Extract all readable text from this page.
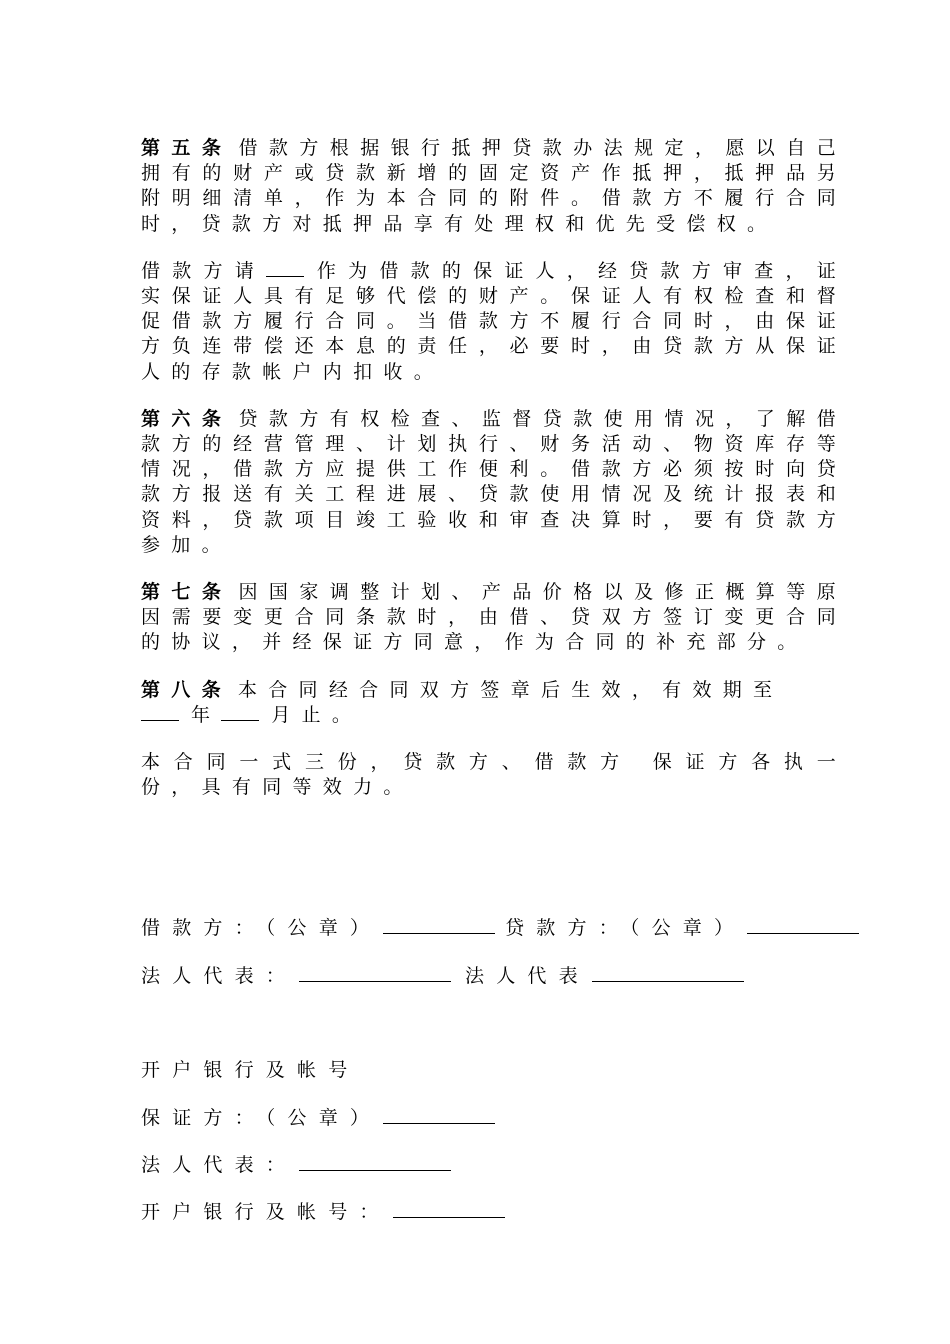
第五条 借款方根据银行抵押贷款办法规定，愿以自己拥有的财产或贷款新增的固定资产作抵押，抵押品另附明细清单，作为本合同的附件。借款方不履行合同时，贷款方对抵押品享有处理权和优先受偿权。

借款方请	作为借款的保证人，经贷款方审查，证实保证人具有足够代偿的财产。保证人有权检查和督促借款方履行合同。当借款方不履行合同时，由保证方负连带偿还本息的责任，必要时，由贷款方从保证人的存款帐户内扣收。

第六条 贷款方有权检查、监督贷款使用情况，了解借款方的经营管理、计划执行、财务活动、物资库存等情况，借款方应提供工作便利。借款方必须按时向贷款方报送有关工程进展、贷款使用情况及统计报表和资料，贷款项目竣工验收和审查决算时，要有贷款方参加。

第七条 因国家调整计划、产品价格以及修正概算等原因需要变更合同条款时，由借、贷双方签订变更合同的协议，并经保证方同意，作为合同的补充部分。

第八条 本合同经合同双方签章后生效，有效期至
年	月止。

本合同一式三份，贷款方、借款方 保证方各执一份，具有同等效力。

借款方：（公章）	贷款方：（公章）
法人代表：	法人代表
开户银行及帐号
保证方：（公章）
法人代表：
开户银行及帐号：
